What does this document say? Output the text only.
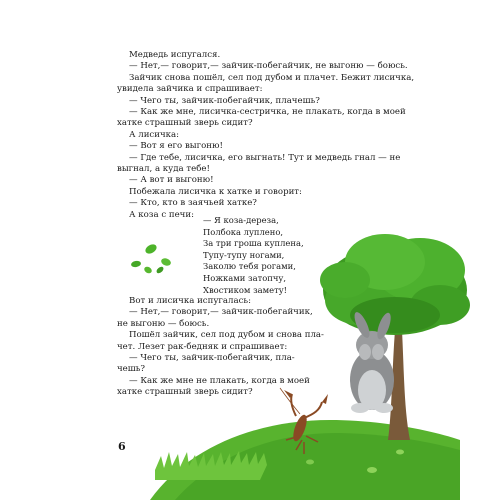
Медведь испугался.
— Нет,— говорит,— зайчик-побегайчик, не выгоню — боюсь.
Зайчик снова пошёл, сел под дубом и плачет. Бежит лисичка,
увидела зайчика и спрашивает:
— Чего ты, зайчик-побегайчик, плачешь?
— Как же мне, лисичка-сестричка, не плакать, когда в моей
хатке страшный зверь сидит?
А лисичка:
— Вот я его выгоню!
— Где тебе, лисичка, его выгнать! Тут и медведь гнал — не
выгнал, а куда тебе!
— А вот и выгоню!
Побежала лисичка к хатке и говорит:
— Кто, кто в заячьей хатке?
А коза с печи:
— Я коза-дереза,
Полбока луплено,
За три гроша куплена,
Тупу-тупу ногами,
Заколю тебя рогами,
Ножками затопчу,
Хвостиком замету!
Вот и лисичка испугалась:
— Нет,— говорит,— зайчик-побегайчик,
не выгоню — боюсь.
Пошёл зайчик, сел под дубом и снова пла-
чет. Лезет рак-бедняк и спрашивает:
— Чего ты, зайчик-побегайчик, пла-
чешь?
— Как же мне не плакать, когда в моей
хатке страшный зверь сидит?
6
